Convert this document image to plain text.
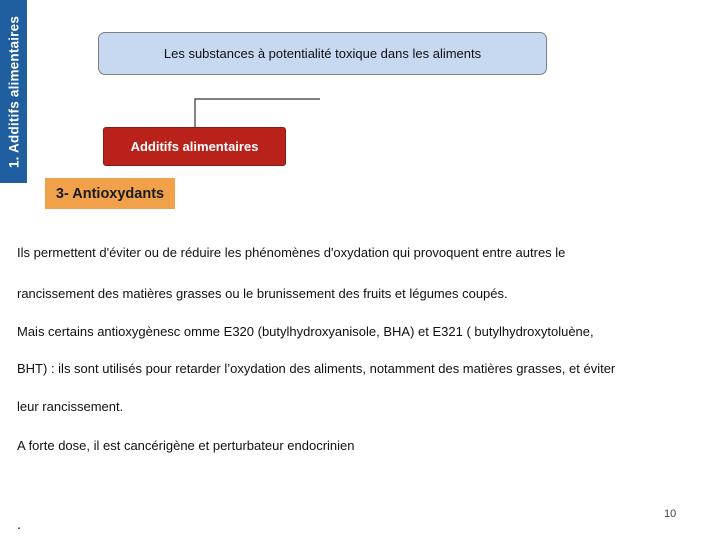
1. Additifs alimentaires	Les substances à potentialité toxique dans les aliments
Additifs alimentaires
3- Antioxydants
Ils permettent d'éviter ou de réduire les phénomènes d'oxydation qui provoquent entre autres le
rancissement des matières grasses ou le brunissement des fruits et légumes coupés.
Mais certains antioxygènesc omme E320 (butylhydroxyanisole, BHA) et E321 ( butylhydroxytoluène,
BHT) : ils sont utilisés pour retarder l’oxydation des aliments, notamment des matières grasses, et éviter
leur rancissement.
A forte dose, il est cancérigène et perturbateur endocrinien
.
10
